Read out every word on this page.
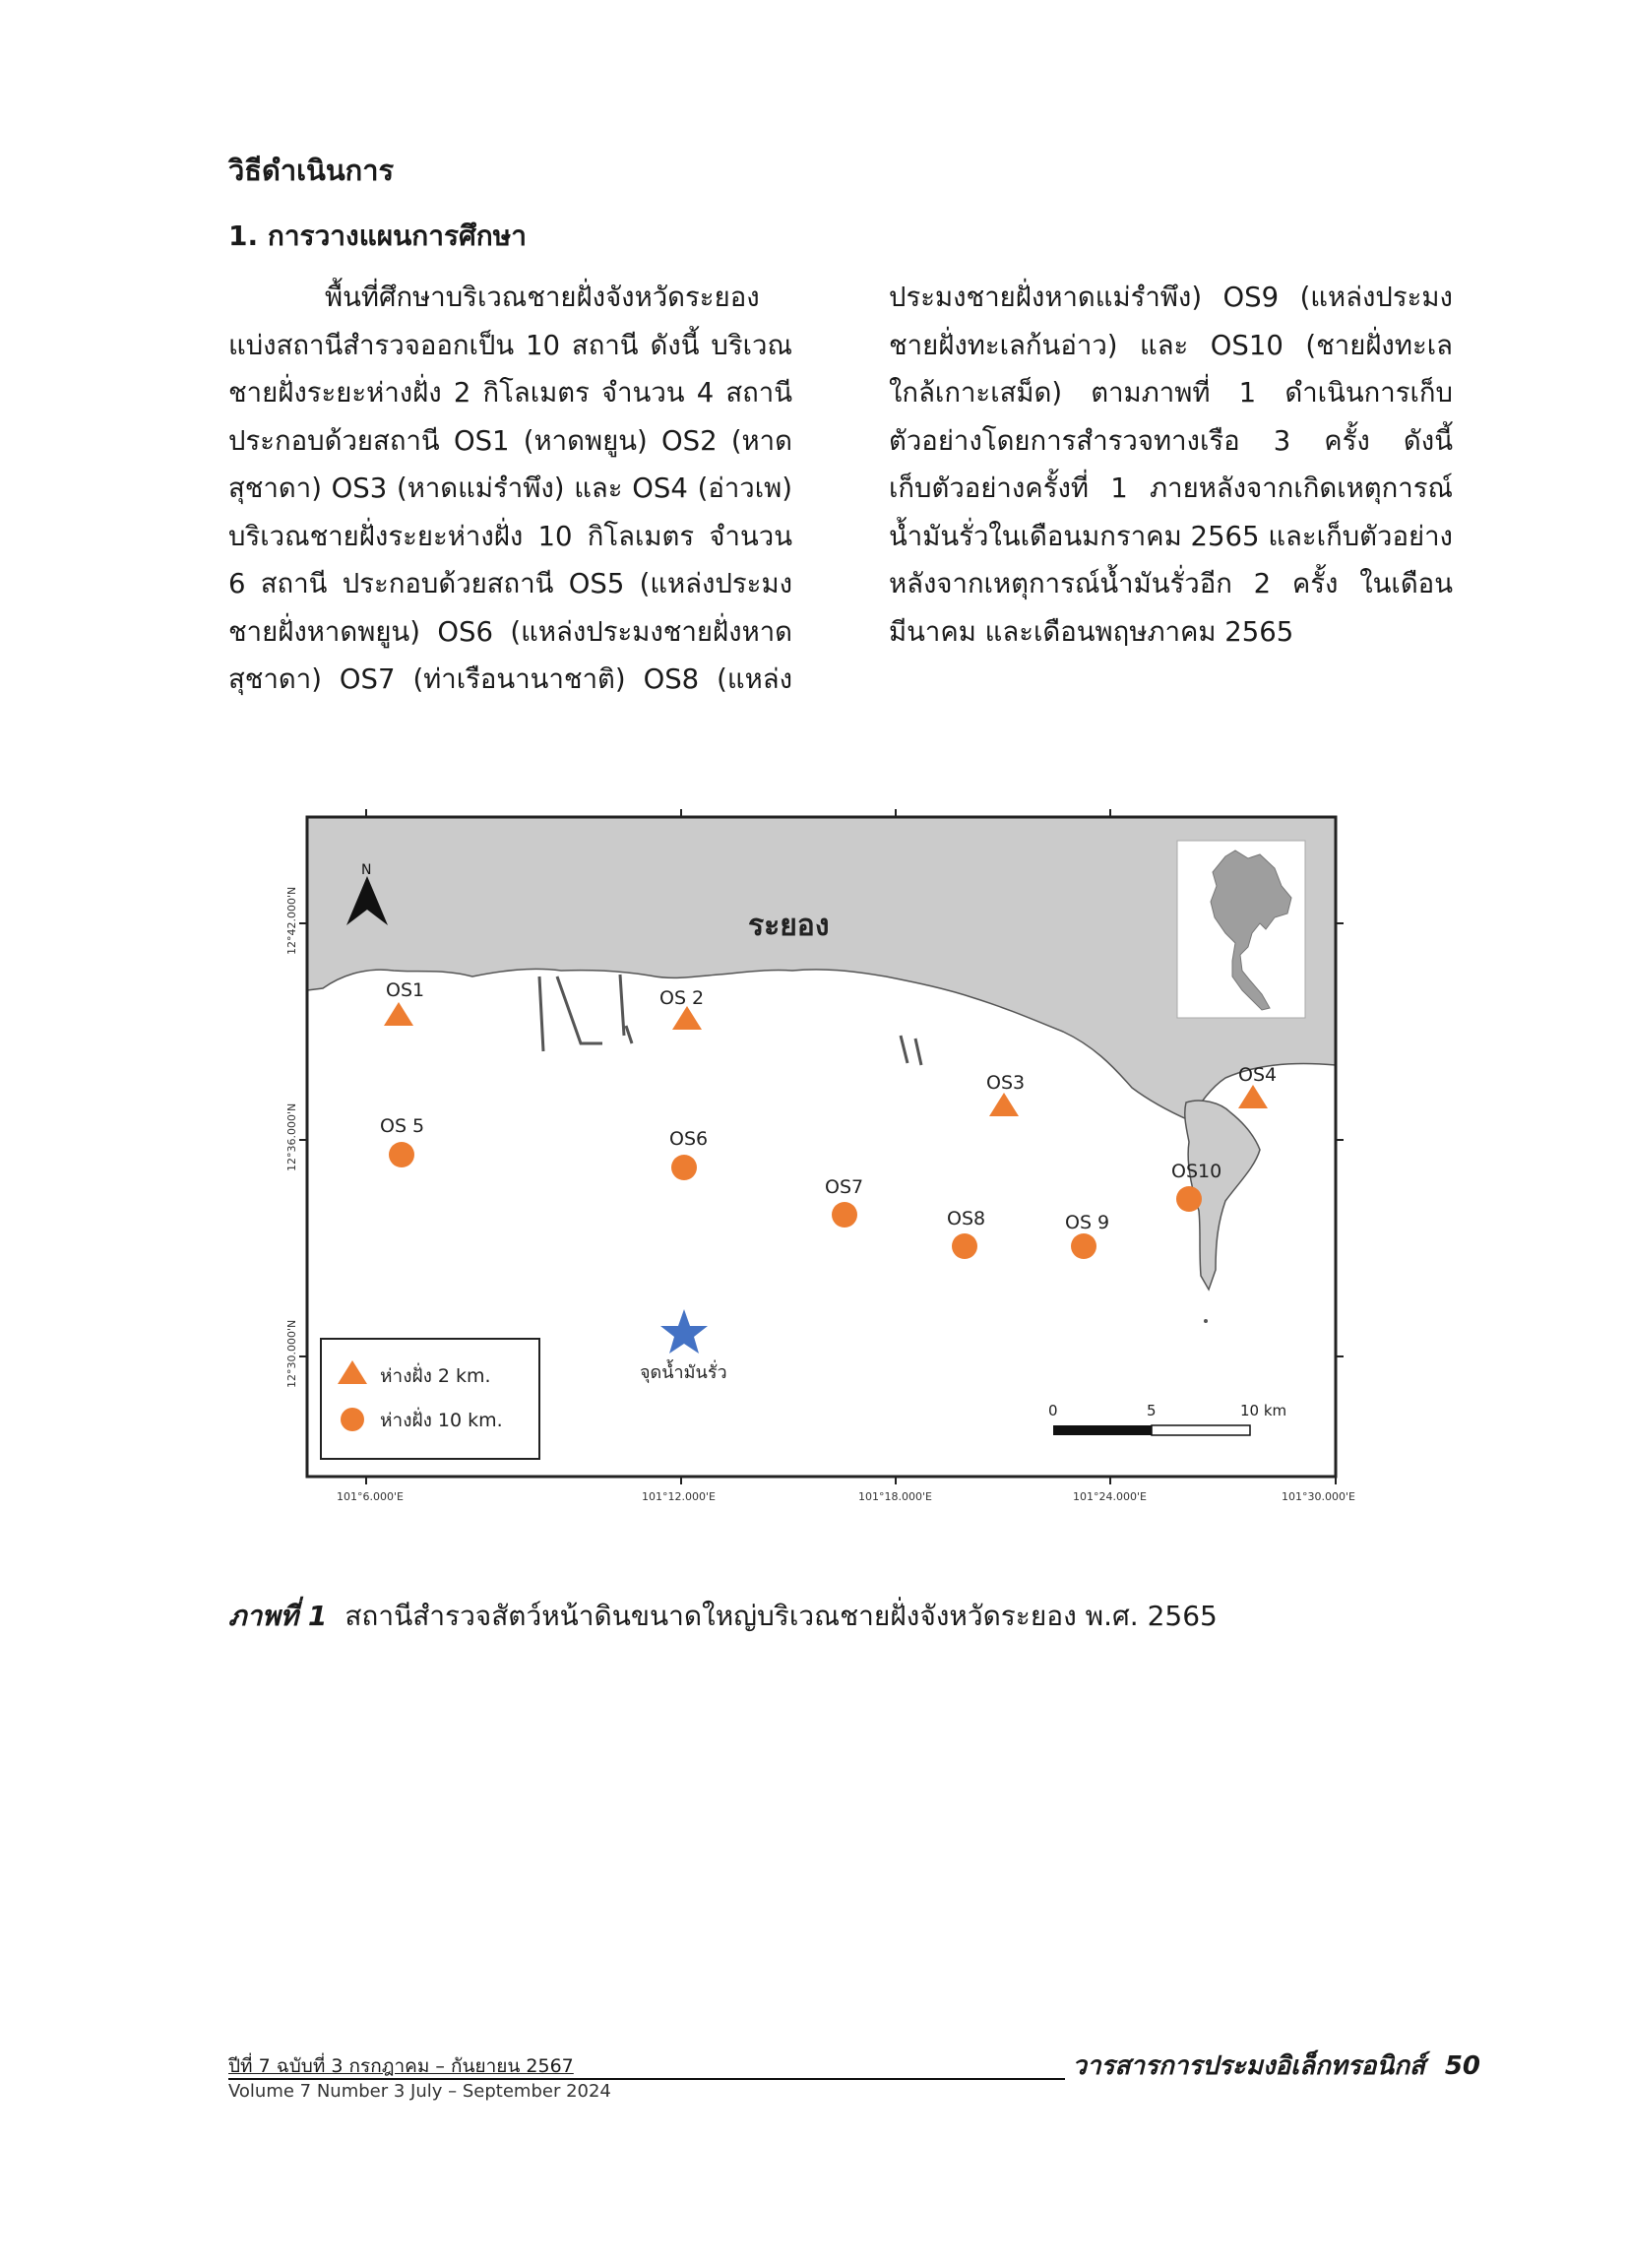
วิธีดำเนินการ
1. การวางแผนการศึกษา

พื้นที่ศึกษาบริเวณชายฝั่งจังหวัดระยอง

แบ่งสถานีสำรวจออกเป็น 10 สถานี ดังนี้ บริเวณ

ชายฝั่งระยะห่างฝั่ง 2 กิโลเมตร จำนวน 4 สถานี

ประกอบด้วยสถานี OS1 (หาดพยูน) OS2 (หาด

สุชาดา) OS3 (หาดแม่รำพึง) และ OS4 (อ่าวเพ)

บริเวณชายฝั่งระยะห่างฝั่ง 10 กิโลเมตร จำนวน

6 สถานี ประกอบด้วยสถานี OS5 (แหล่งประมง

ชายฝั่งหาดพยูน) OS6 (แหล่งประมงชายฝั่งหาด

สุชาดา) OS7 (ท่าเรือนานาชาติ) OS8 (แหล่ง

ประมงชายฝั่งหาดแม่รำพึง) OS9 (แหล่งประมง

ชายฝั่งทะเลก้นอ่าว) และ OS10 (ชายฝั่งทะเล

ใกล้เกาะเสม็ด) ตามภาพที่ 1 ดำเนินการเก็บ

ตัวอย่างโดยการสำรวจทางเรือ 3 ครั้ง ดังนี้

เก็บตัวอย่างครั้งที่ 1 ภายหลังจากเกิดเหตุการณ์

น้ำมันรั่วในเดือนมกราคม 2565 และเก็บตัวอย่าง

หลังจากเหตุการณ์น้ำมันรั่วอีก 2 ครั้ง ในเดือน

มีนาคม และเดือนพฤษภาคม 2565

N
ระยอง
OS1	OS 2
OS3	OS4
OS 5
OS6
OS7
OS8	OS 9
OS10
จุดน้ำมันรั่ว
ห่างฝั่ง 2 km.
ห่างฝั่ง 10 km.	0	5	10 km
101°6.000'E	101°12.000'E	101°18.000'E	101°24.000'E	101°30.000'E
12°42.000'N
12°36.000'N
12°30.000'N
ภาพที่ 1 สถานีสำรวจสัตว์หน้าดินขนาดใหญ่บริเวณชายฝั่งจังหวัดระยอง พ.ศ. 2565
ปีที่ 7 ฉบับที่ 3 กรกฎาคม – กันยายน 2567
Volume 7 Number 3 July – September 2024
วารสารการประมงอิเล็กทรอนิกส์ 50
